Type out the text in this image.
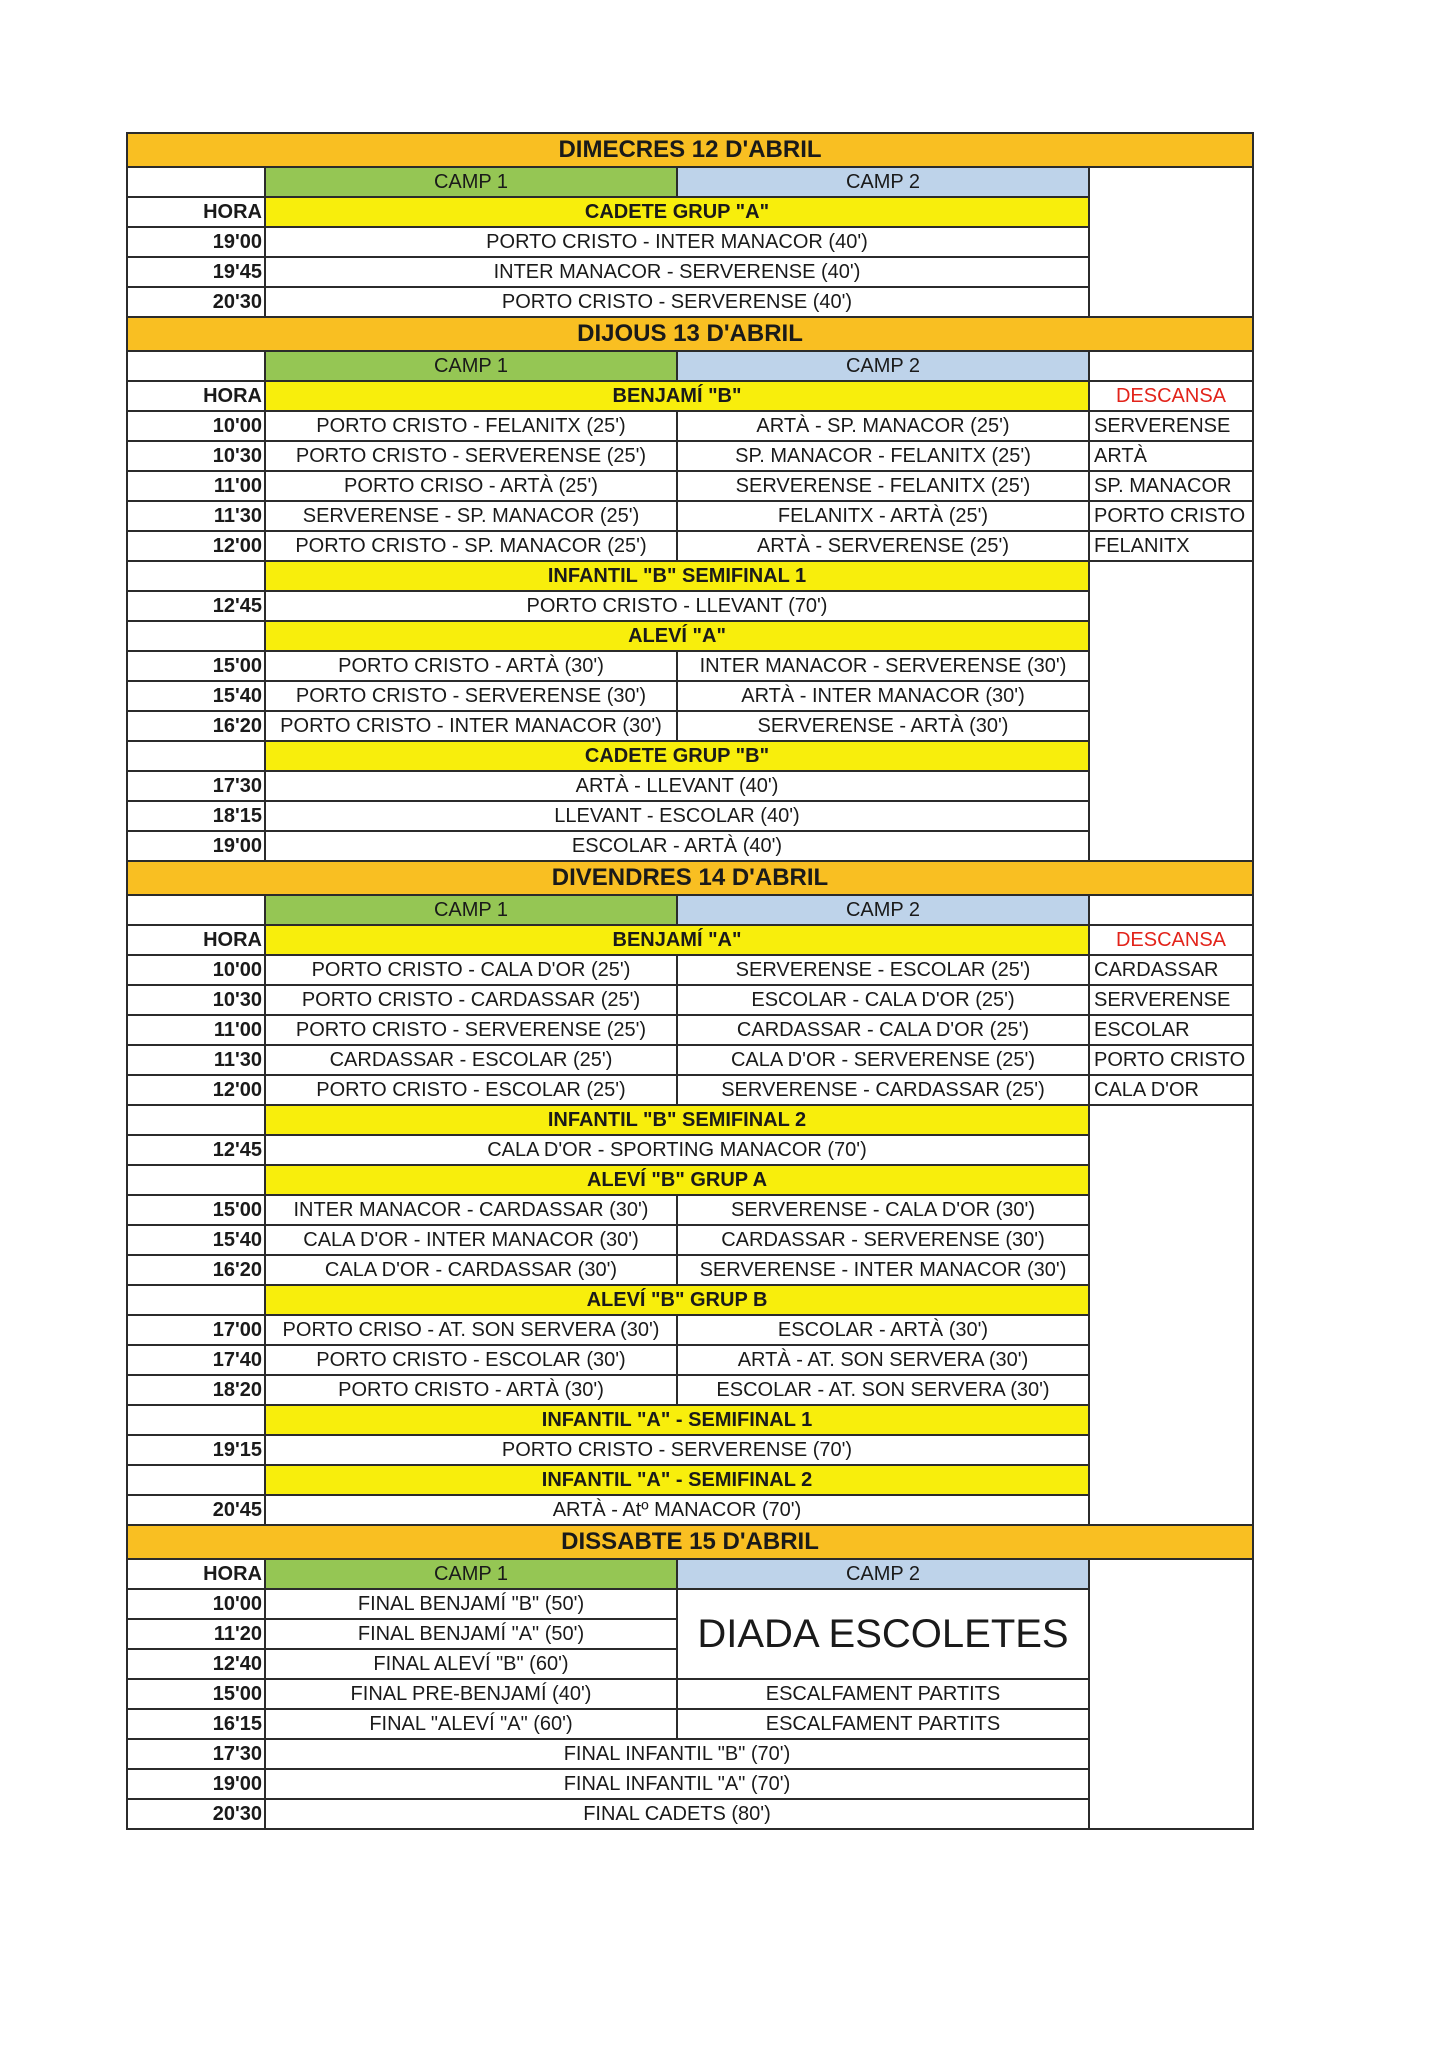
DIMECRES 12 D'ABRIL			
	CAMP 1	CAMP 2	
HORA	CADETE GRUP "A"		
19'00	PORTO CRISTO - INTER MANACOR (40')		
19'45	INTER MANACOR - SERVERENSE (40')		
20'30	PORTO CRISTO - SERVERENSE (40')		
DIJOUS 13 D'ABRIL			
	CAMP 1	CAMP 2	
HORA	BENJAMÍ "B"		DESCANSA
10'00	PORTO CRISTO - FELANITX (25')	ARTÀ - SP. MANACOR (25')	SERVERENSE
10'30	PORTO CRISTO - SERVERENSE (25')	SP. MANACOR - FELANITX (25')	ARTÀ
11'00	PORTO CRISO - ARTÀ (25')	SERVERENSE - FELANITX (25')	SP. MANACOR
11'30	SERVERENSE - SP. MANACOR (25')	FELANITX - ARTÀ (25')	PORTO CRISTO
12'00	PORTO CRISTO - SP. MANACOR (25')	ARTÀ - SERVERENSE (25')	FELANITX
	INFANTIL "B" SEMIFINAL 1		
12'45	PORTO CRISTO - LLEVANT (70')		
	ALEVÍ "A"		
15'00	PORTO CRISTO - ARTÀ (30')	INTER MANACOR - SERVERENSE (30')	
15'40	PORTO CRISTO - SERVERENSE (30')	ARTÀ - INTER MANACOR (30')	
16'20	PORTO CRISTO - INTER MANACOR (30')	SERVERENSE - ARTÀ (30')	
	CADETE GRUP "B"		
17'30	ARTÀ - LLEVANT (40')		
18'15	LLEVANT - ESCOLAR (40')		
19'00	ESCOLAR - ARTÀ (40')		
DIVENDRES 14 D'ABRIL			
	CAMP 1	CAMP 2	
HORA	BENJAMÍ "A"		DESCANSA
10'00	PORTO CRISTO - CALA D'OR (25')	SERVERENSE - ESCOLAR (25')	CARDASSAR
10'30	PORTO CRISTO - CARDASSAR (25')	ESCOLAR - CALA D'OR (25')	SERVERENSE
11'00	PORTO CRISTO - SERVERENSE (25')	CARDASSAR - CALA D'OR (25')	ESCOLAR
11'30	CARDASSAR - ESCOLAR (25')	CALA D'OR - SERVERENSE (25')	PORTO CRISTO
12'00	PORTO CRISTO - ESCOLAR (25')	SERVERENSE - CARDASSAR (25')	CALA D'OR
	INFANTIL "B" SEMIFINAL 2		
12'45	CALA D'OR - SPORTING MANACOR (70')		
	ALEVÍ "B" GRUP A		
15'00	INTER MANACOR - CARDASSAR (30')	SERVERENSE - CALA D'OR (30')	
15'40	CALA D'OR - INTER MANACOR (30')	CARDASSAR - SERVERENSE (30')	
16'20	CALA D'OR - CARDASSAR (30')	SERVERENSE - INTER MANACOR (30')	
	ALEVÍ "B" GRUP B		
17'00	PORTO CRISO - AT. SON SERVERA (30')	ESCOLAR - ARTÀ (30')	
17'40	PORTO CRISTO - ESCOLAR (30')	ARTÀ - AT. SON SERVERA (30')	
18'20	PORTO CRISTO - ARTÀ (30')	ESCOLAR - AT. SON SERVERA (30')	
	INFANTIL "A" - SEMIFINAL 1		
19'15	PORTO CRISTO - SERVERENSE (70')		
	INFANTIL "A" - SEMIFINAL 2		
20'45	ARTÀ - Atº MANACOR (70')		
DISSABTE 15 D'ABRIL			
HORA	CAMP 1	CAMP 2	
10'00	FINAL BENJAMÍ "B" (50')	DIADA ESCOLETES	
11'20	FINAL BENJAMÍ "A" (50')		
12'40	FINAL ALEVÍ "B" (60')		
15'00	FINAL PRE-BENJAMÍ (40')	ESCALFAMENT PARTITS	
16'15	FINAL "ALEVÍ "A" (60')	ESCALFAMENT PARTITS	
17'30	FINAL INFANTIL "B" (70')		
19'00	FINAL INFANTIL "A" (70')		
20'30	FINAL CADETS (80')		
